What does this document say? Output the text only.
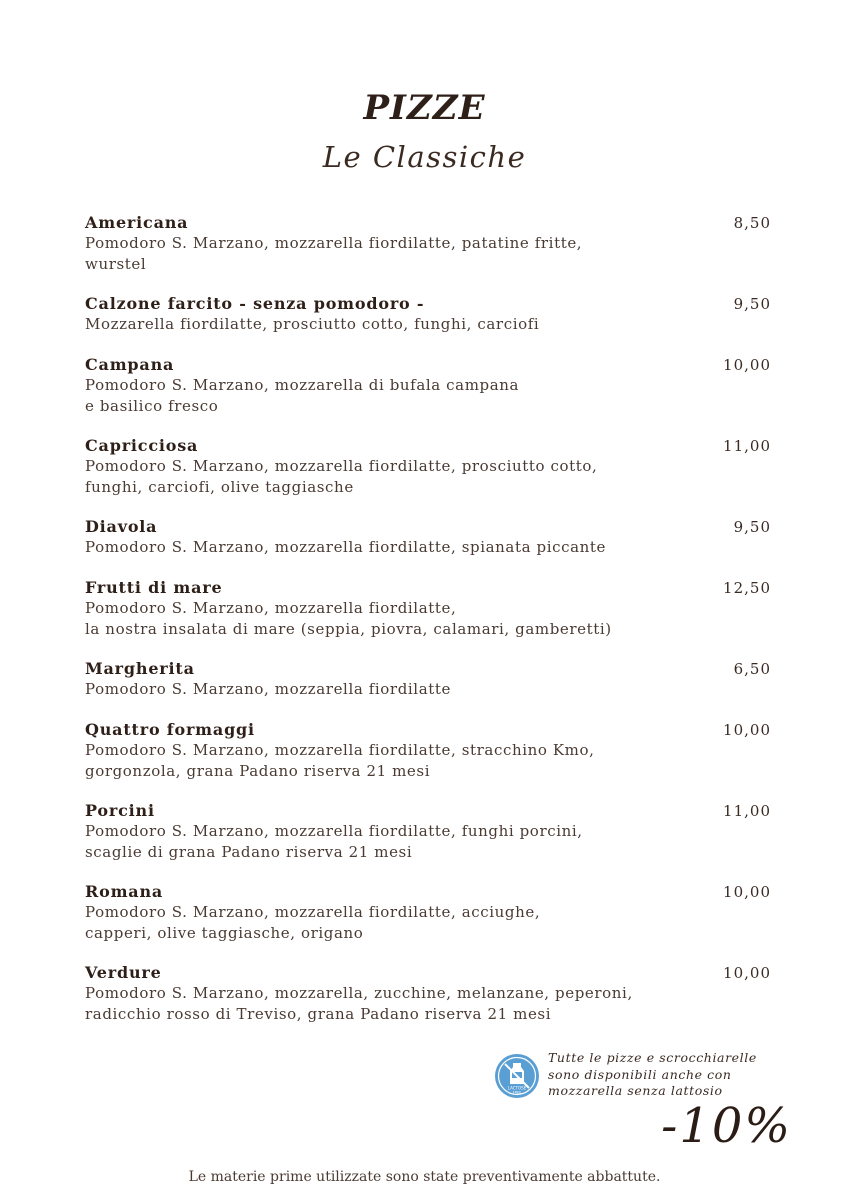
PIZZE
Le Classiche
Americana

Pomodoro S. Marzano, mozzarella fiordilatte, patatine fritte,
wurstel

8,50
Calzone farcito - senza pomodoro -

Mozzarella fiordilatte, prosciutto cotto, funghi, carciofi

9,50
Campana

Pomodoro S. Marzano, mozzarella di bufala campana
e basilico fresco

10,00
Capricciosa

Pomodoro S. Marzano, mozzarella fiordilatte, prosciutto cotto,
funghi, carciofi, olive taggiasche

11,00
Diavola

Pomodoro S. Marzano, mozzarella fiordilatte, spianata piccante

9,50
Frutti di mare

Pomodoro S. Marzano, mozzarella fiordilatte,
la nostra insalata di mare (seppia, piovra, calamari, gamberetti)

12,50
Margherita

Pomodoro S. Marzano, mozzarella fiordilatte

6,50
Quattro formaggi

Pomodoro S. Marzano, mozzarella fiordilatte, stracchino Kmo,
gorgonzola, grana Padano riserva 21 mesi

10,00
Porcini

Pomodoro S. Marzano, mozzarella fiordilatte, funghi porcini,
scaglie di grana Padano riserva 21 mesi

11,00
Romana

Pomodoro S. Marzano, mozzarella fiordilatte, acciughe,
capperi, olive taggiasche, origano

10,00
Verdure

Pomodoro S. Marzano, mozzarella, zucchine, melanzane, peperoni,
radicchio rosso di Treviso, grana Padano riserva 21 mesi

10,00
LACTOSE
FREE
Tutte le pizze e scrocchiarelle
sono disponibili anche con
mozzarella senza lattosio
-10%
Le materie prime utilizzate sono state preventivamente abbattute.
